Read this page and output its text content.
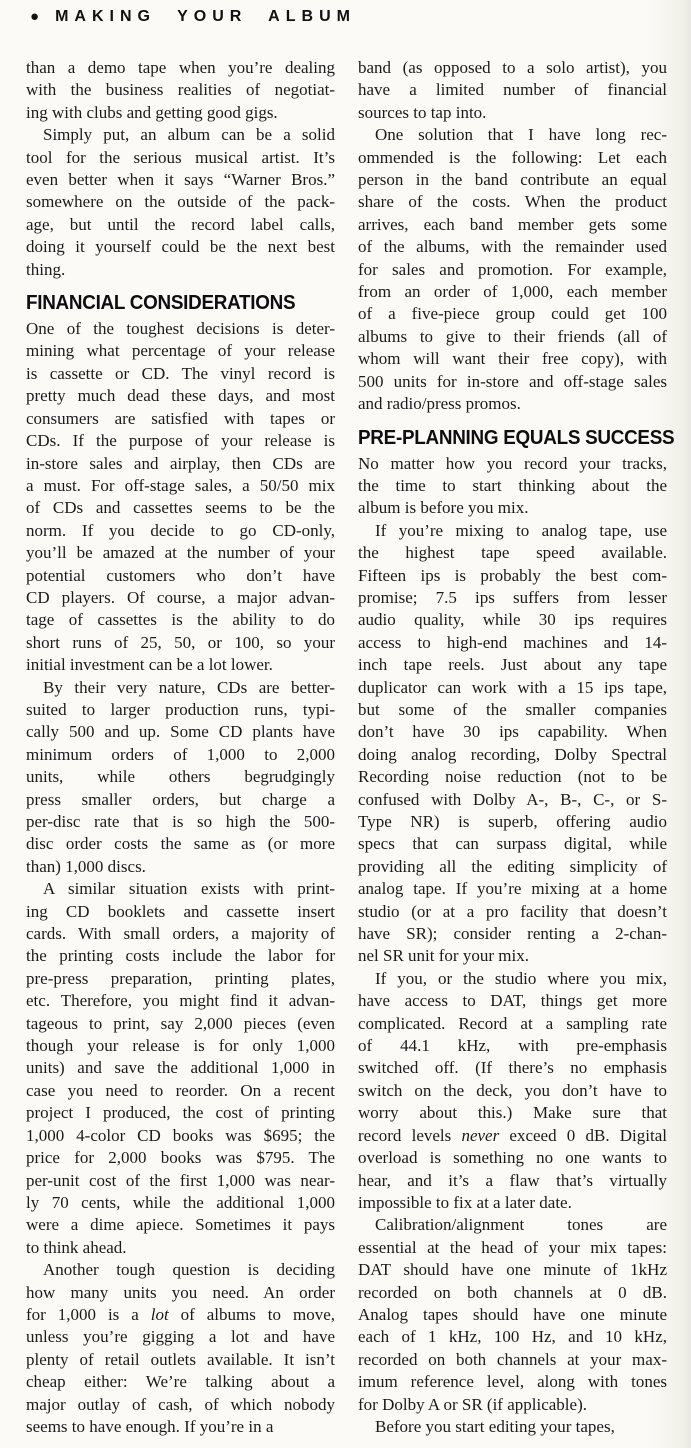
● MAKING YOUR ALBUM
than a demo tape when you’re dealing
with the business realities of negotiat-
ing with clubs and getting good gigs.
Simply put, an album can be a solid
tool for the serious musical artist. It’s
even better when it says “Warner Bros.”
somewhere on the outside of the pack-
age, but until the record label calls,
doing it yourself could be the next best
thing.
FINANCIAL CONSIDERATIONS
One of the toughest decisions is deter-
mining what percentage of your release
is cassette or CD. The vinyl record is
pretty much dead these days, and most
consumers are satisfied with tapes or
CDs. If the purpose of your release is
in-store sales and airplay, then CDs are
a must. For off-stage sales, a 50/50 mix
of CDs and cassettes seems to be the
norm. If you decide to go CD-only,
you’ll be amazed at the number of your
potential customers who don’t have
CD players. Of course, a major advan-
tage of cassettes is the ability to do
short runs of 25, 50, or 100, so your
initial investment can be a lot lower.
By their very nature, CDs are better-
suited to larger production runs, typi-
cally 500 and up. Some CD plants have
minimum orders of 1,000 to 2,000
units, while others begrudgingly
press smaller orders, but charge a
per-disc rate that is so high the 500-
disc order costs the same as (or more
than) 1,000 discs.
A similar situation exists with print-
ing CD booklets and cassette insert
cards. With small orders, a majority of
the printing costs include the labor for
pre-press preparation, printing plates,
etc. Therefore, you might find it advan-
tageous to print, say 2,000 pieces (even
though your release is for only 1,000
units) and save the additional 1,000 in
case you need to reorder. On a recent
project I produced, the cost of printing
1,000 4-color CD books was $695; the
price for 2,000 books was $795. The
per-unit cost of the first 1,000 was near-
ly 70 cents, while the additional 1,000
were a dime apiece. Sometimes it pays
to think ahead.
Another tough question is deciding
how many units you need. An order
for 1,000 is a lot of albums to move,
unless you’re gigging a lot and have
plenty of retail outlets available. It isn’t
cheap either: We’re talking about a
major outlay of cash, of which nobody
seems to have enough. If you’re in a
band (as opposed to a solo artist), you
have a limited number of financial
sources to tap into.
One solution that I have long rec-
ommended is the following: Let each
person in the band contribute an equal
share of the costs. When the product
arrives, each band member gets some
of the albums, with the remainder used
for sales and promotion. For example,
from an order of 1,000, each member
of a five-piece group could get 100
albums to give to their friends (all of
whom will want their free copy), with
500 units for in-store and off-stage sales
and radio/press promos.
PRE-PLANNING EQUALS SUCCESS
No matter how you record your tracks,
the time to start thinking about the
album is before you mix.
If you’re mixing to analog tape, use
the highest tape speed available.
Fifteen ips is probably the best com-
promise; 7.5 ips suffers from lesser
audio quality, while 30 ips requires
access to high-end machines and 14-
inch tape reels. Just about any tape
duplicator can work with a 15 ips tape,
but some of the smaller companies
don’t have 30 ips capability. When
doing analog recording, Dolby Spectral
Recording noise reduction (not to be
confused with Dolby A-, B-, C-, or S-
Type NR) is superb, offering audio
specs that can surpass digital, while
providing all the editing simplicity of
analog tape. If you’re mixing at a home
studio (or at a pro facility that doesn’t
have SR); consider renting a 2-chan-
nel SR unit for your mix.
If you, or the studio where you mix,
have access to DAT, things get more
complicated. Record at a sampling rate
of 44.1 kHz, with pre-emphasis
switched off. (If there’s no emphasis
switch on the deck, you don’t have to
worry about this.) Make sure that
record levels never exceed 0 dB. Digital
overload is something no one wants to
hear, and it’s a flaw that’s virtually
impossible to fix at a later date.
Calibration/alignment tones are
essential at the head of your mix tapes:
DAT should have one minute of 1kHz
recorded on both channels at 0 dB.
Analog tapes should have one minute
each of 1 kHz, 100 Hz, and 10 kHz,
recorded on both channels at your max-
imum reference level, along with tones
for Dolby A or SR (if applicable).
Before you start editing your tapes,
